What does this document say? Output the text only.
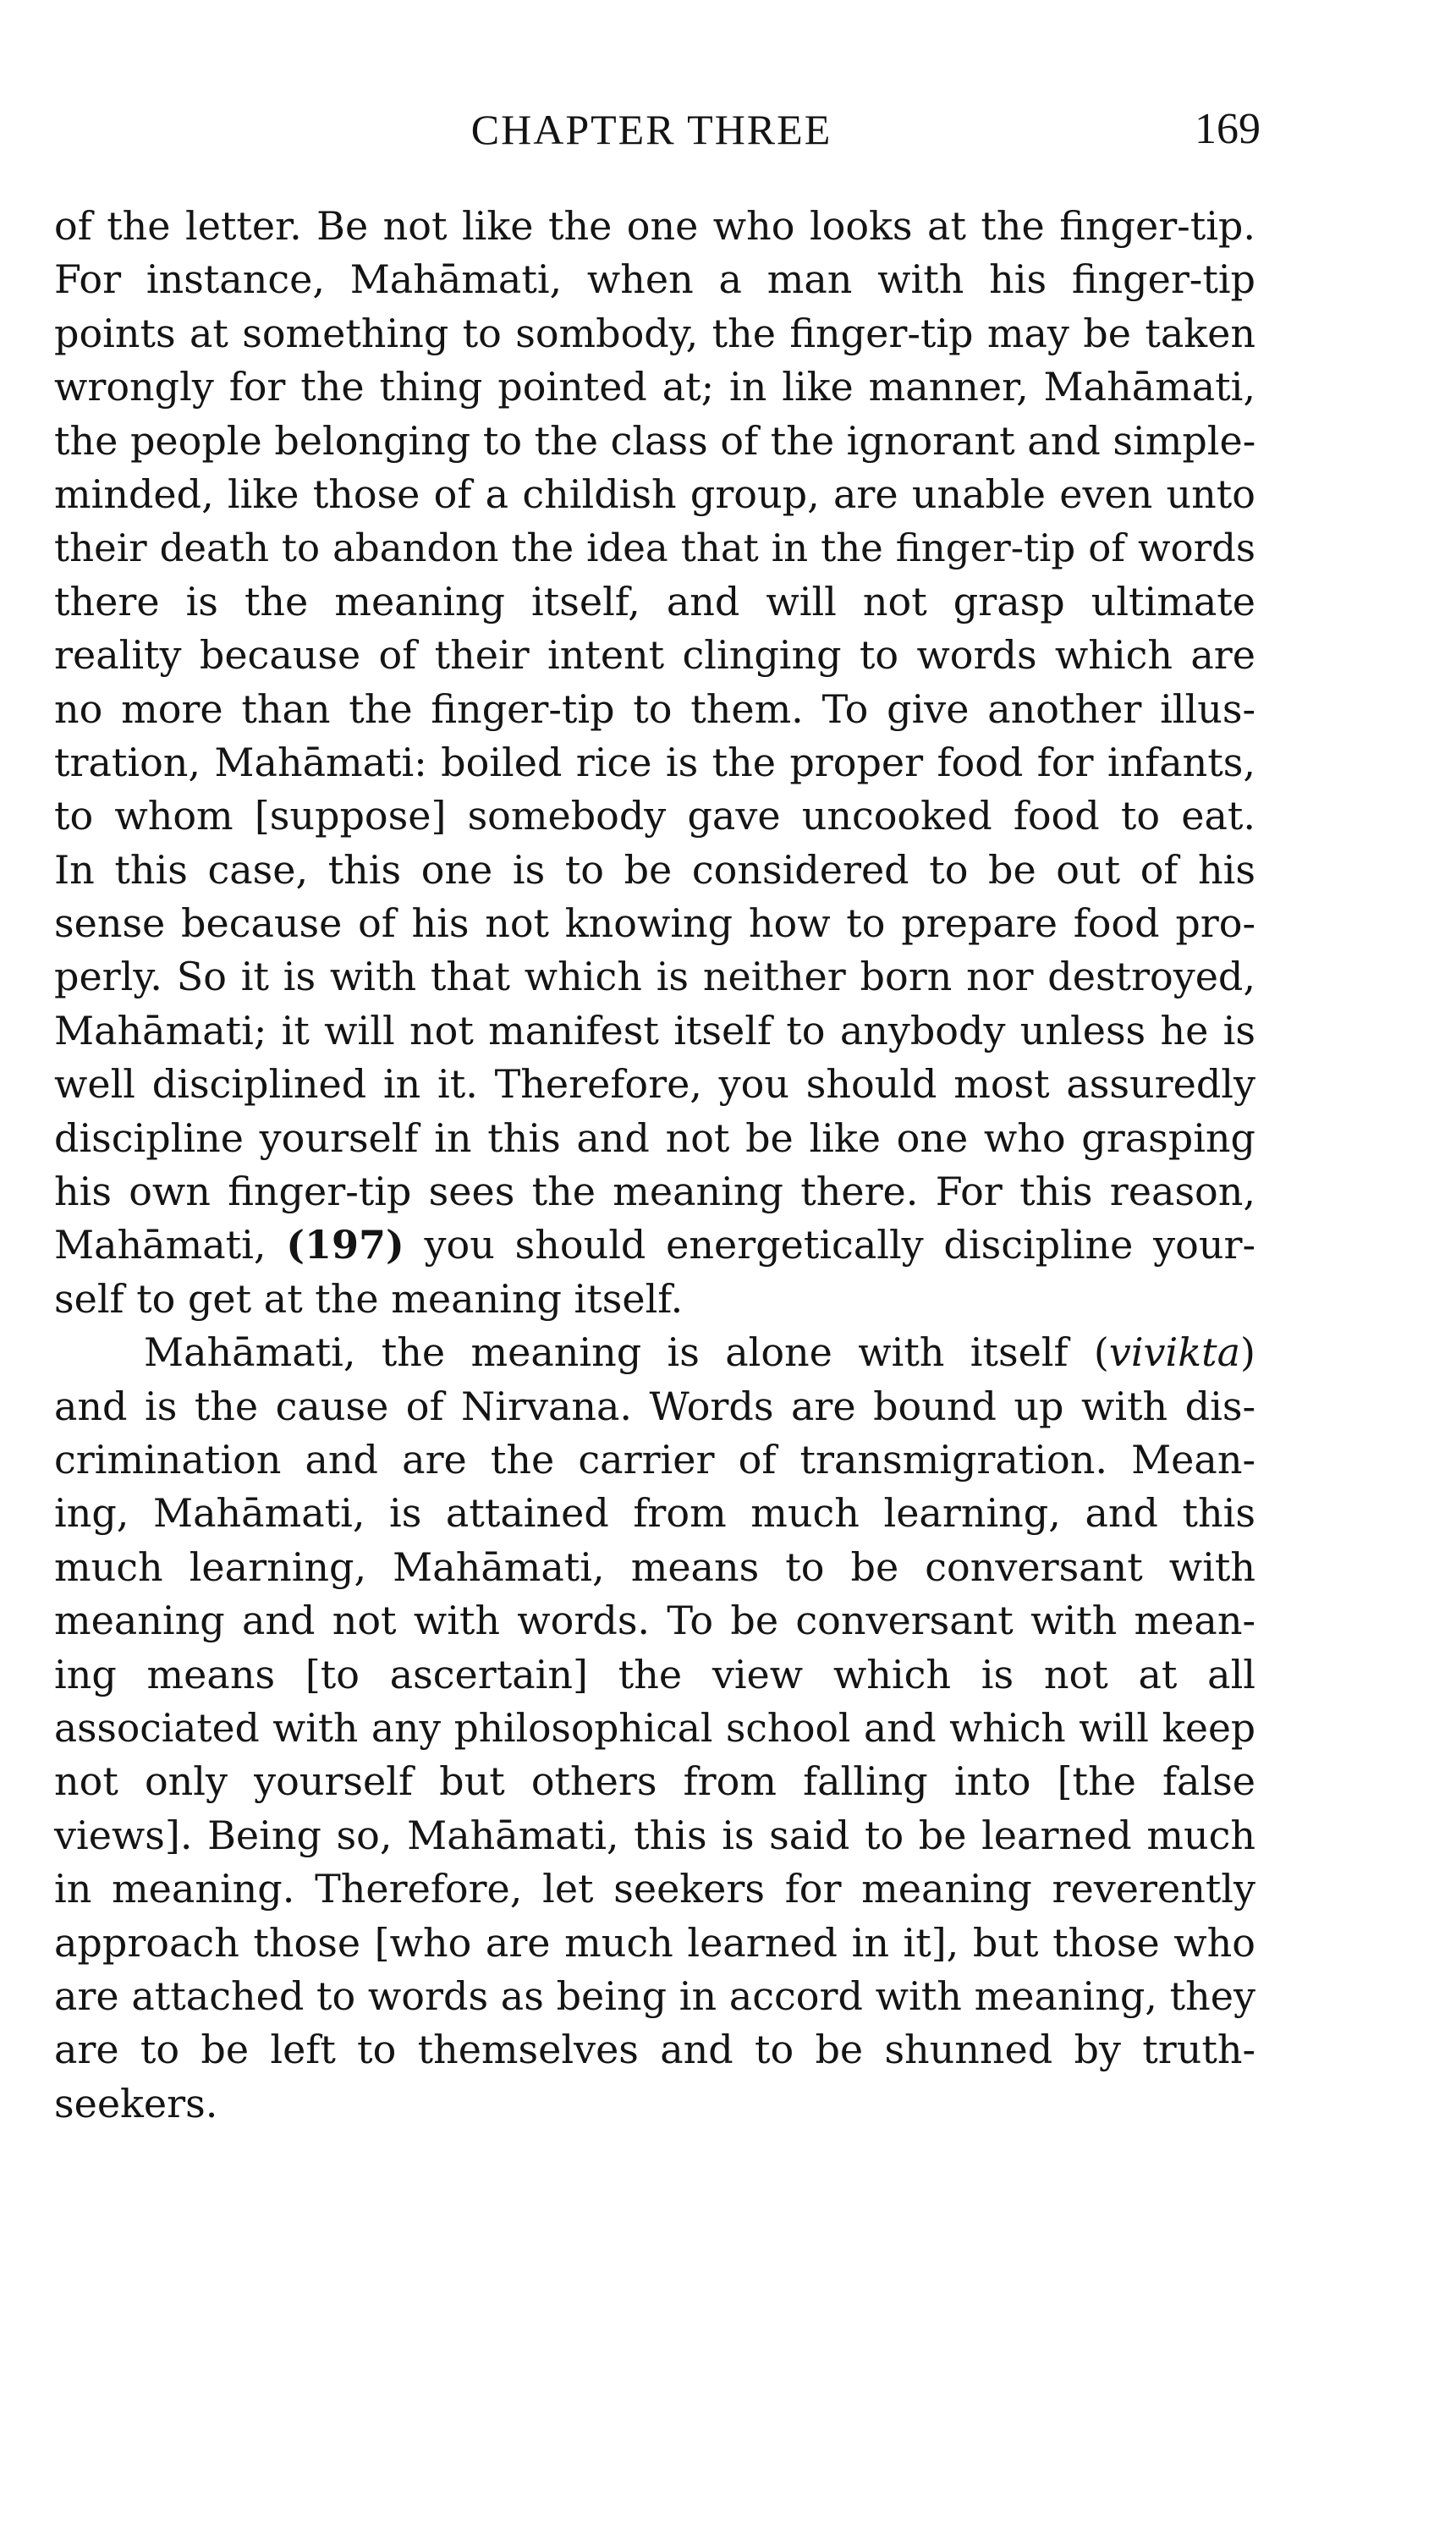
CHAPTER THREE	169
of the letter. Be not like the one who looks at the finger-tip.
For instance, Mahāmati, when a man with his finger-tip
points at something to sombody, the finger-tip may be taken
wrongly for the thing pointed at; in like manner, Mahāmati,
the people belonging to the class of the ignorant and simple-
minded, like those of a childish group, are unable even unto
their death to abandon the idea that in the finger-tip of words
there is the meaning itself, and will not grasp ultimate
reality because of their intent clinging to words which are
no more than the finger-tip to them. To give another illus-
tration, Mahāmati: boiled rice is the proper food for infants,
to whom [suppose] somebody gave uncooked food to eat.
In this case, this one is to be considered to be out of his
sense because of his not knowing how to prepare food pro-
perly. So it is with that which is neither born nor destroyed,
Mahāmati; it will not manifest itself to anybody unless he is
well disciplined in it. Therefore, you should most assuredly
discipline yourself in this and not be like one who grasping
his own finger-tip sees the meaning there. For this reason,
Mahāmati, (197) you should energetically discipline your-
self to get at the meaning itself.
Mahāmati, the meaning is alone with itself (vivikta)
and is the cause of Nirvana. Words are bound up with dis-
crimination and are the carrier of transmigration. Mean-
ing, Mahāmati, is attained from much learning, and this
much learning, Mahāmati, means to be conversant with
meaning and not with words. To be conversant with mean-
ing means [to ascertain] the view which is not at all
associated with any philosophical school and which will keep
not only yourself but others from falling into [the false
views]. Being so, Mahāmati, this is said to be learned much
in meaning. Therefore, let seekers for meaning reverently
approach those [who are much learned in it], but those who
are attached to words as being in accord with meaning, they
are to be left to themselves and to be shunned by truth-
seekers.
